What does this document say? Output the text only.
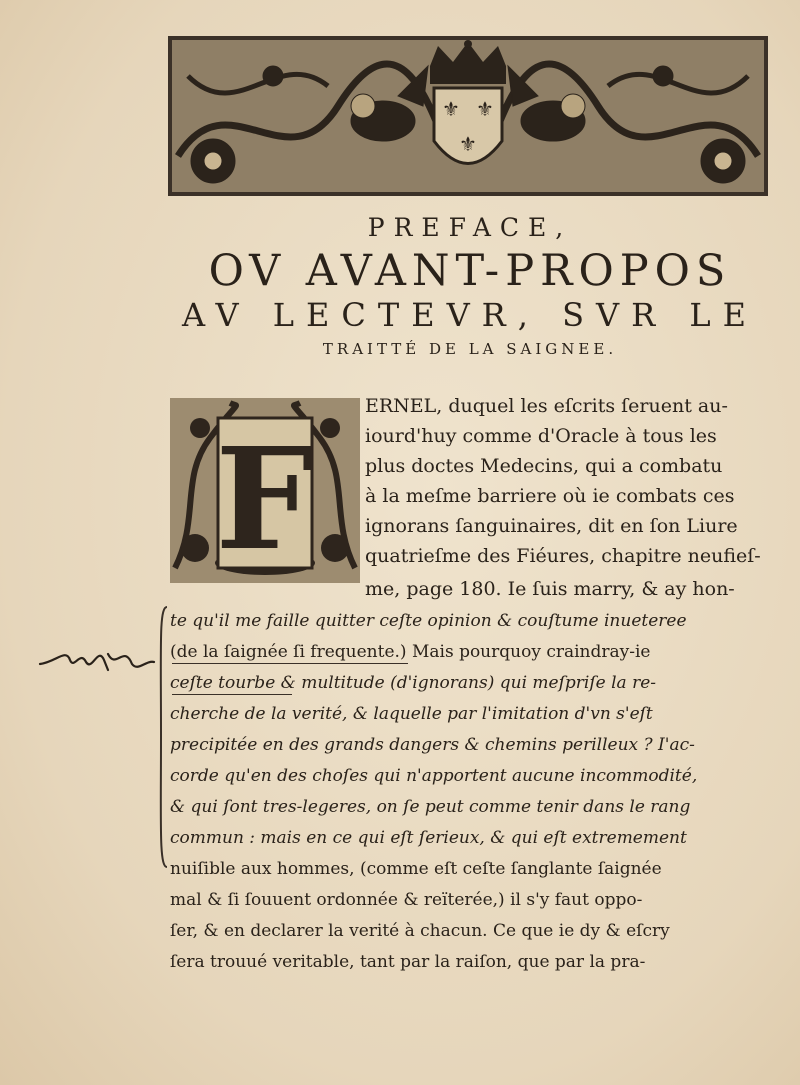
⚜ ⚜
⚜

PREFACE,

OV AVANT-PROPOS

AV LECTEVR, SVR LE

TRAITTÉ DE LA SAIGNEE.

F
ERNEL, duquel les eſcrits ſeruent au-
iourd'huy comme d'Oracle à tous les
plus doctes Medecins, qui a combatu
à la meſme barriere où ie combats ces
ignorans ſanguinaires, dit en ſon Liure
quatrieſme des Fiéures, chapitre neufieſ-
me, page 180. Ie ſuis marry, & ay hon-
te qu'il me faille quitter ceſte opinion & couſtume inueteree
(de la ſaignée ſi frequente.) Mais pourquoy craindray-ie
ceſte tourbe & multitude (d'ignorans) qui meſpriſe la re-
cherche de la verité, & laquelle par l'imitation d'vn s'eſt
precipitée en des grands dangers & chemins perilleux ? I'ac-
corde qu'en des choſes qui n'apportent aucune incommodité,
& qui ſont tres-legeres, on ſe peut comme tenir dans le rang
commun : mais en ce qui eſt ſerieux, & qui eſt extremement
nuiſible aux hommes, (comme eſt ceſte ſanglante ſaignée
mal & ſi ſouuent ordonnée & reïterée,) il s'y faut oppo-
ſer, & en declarer la verité à chacun. Ce que ie dy & eſcry
ſera trouué veritable, tant par la raiſon, que par la pra-
